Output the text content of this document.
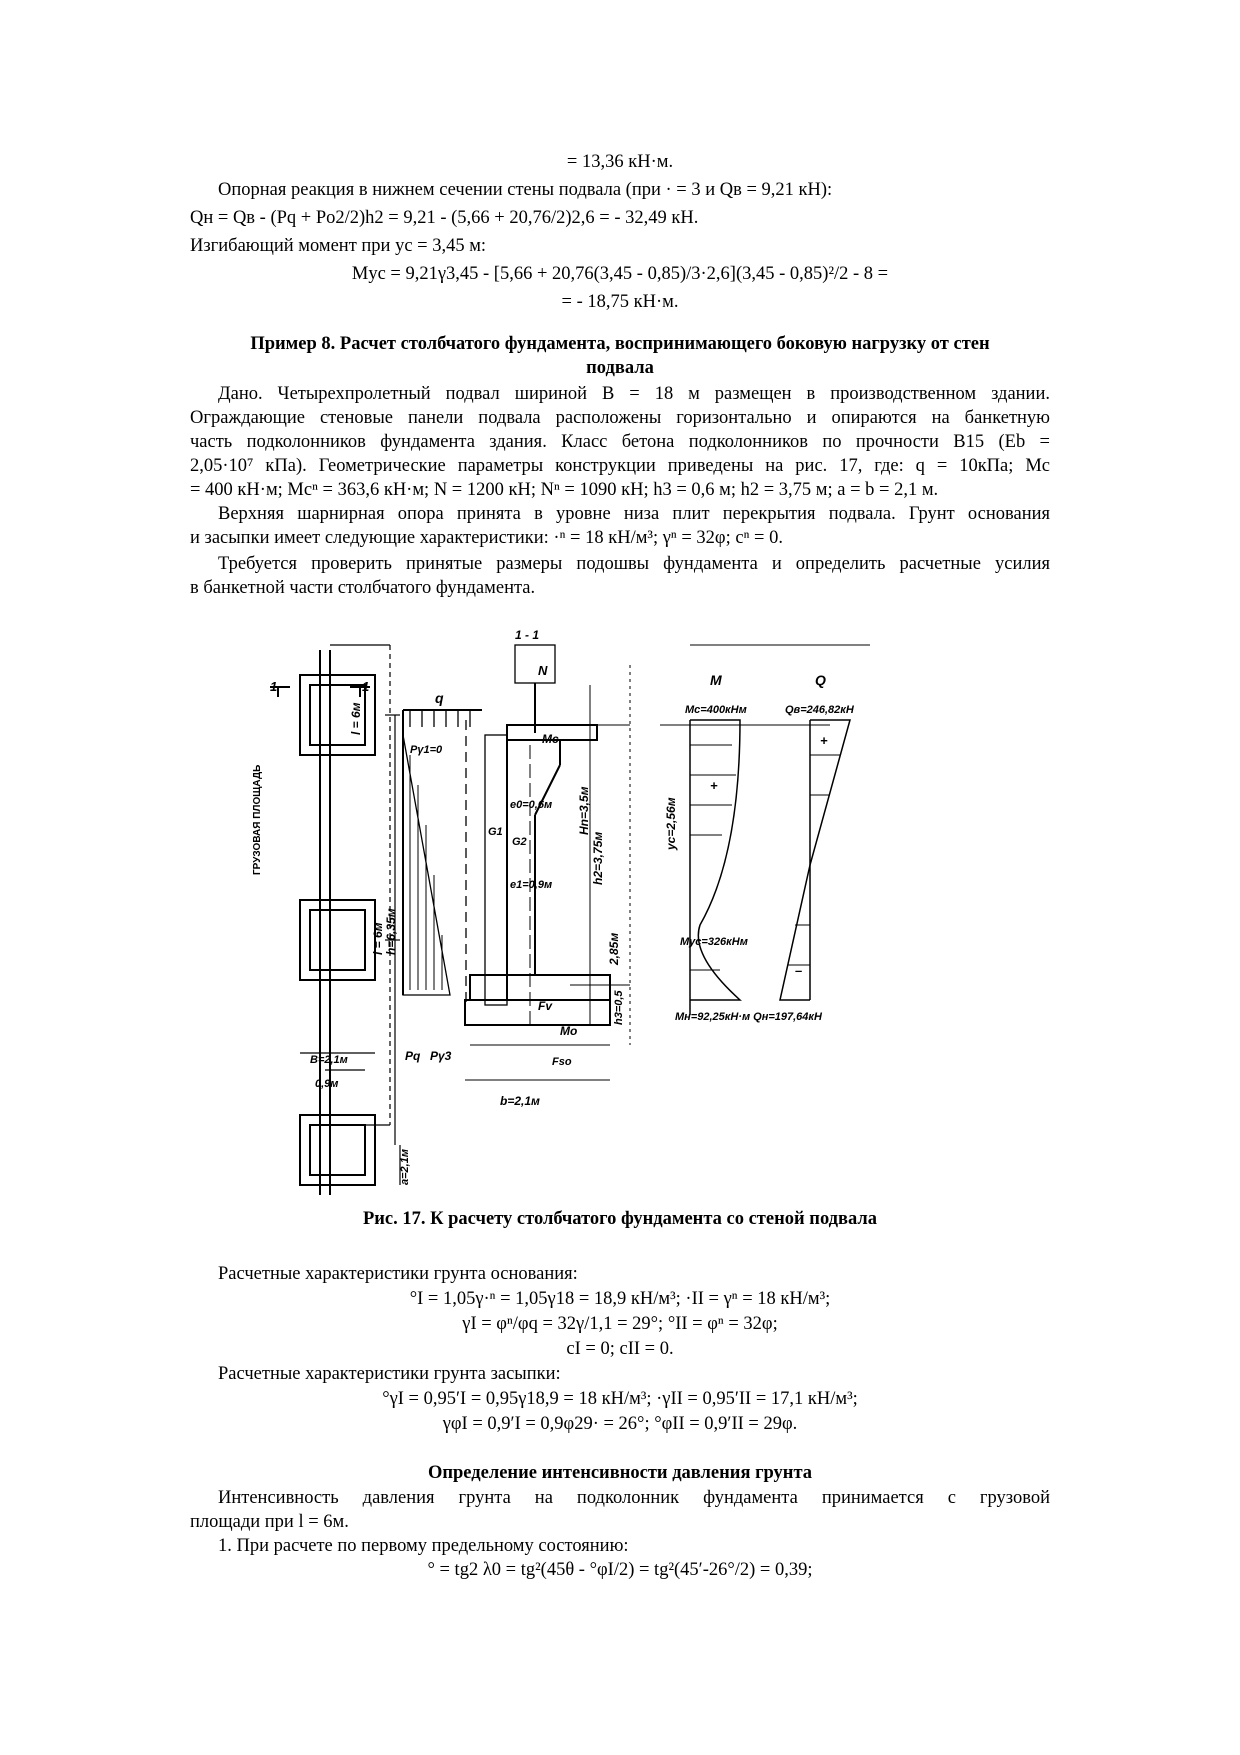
= 13,36 кН·м.
Опорная реакция в нижнем сечении стены подвала (при · = 3 и Qв = 9,21 кН):
Qн = Qв - (Pq + Pо2/2)h2 = 9,21 - (5,66 + 20,76/2)2,6 = - 32,49 кН.
Изгибающий момент при yc = 3,45 м:
Myc = 9,21γ3,45 - [5,66 + 20,76(3,45 - 0,85)/3·2,6](3,45 - 0,85)²/2 - 8 =
= - 18,75 кН·м.
Пример 8. Расчет столбчатого фундамента, воспринимающего боковую нагрузку от стен
подвала
Дано. Четырехпролетный подвал шириной B = 18 м размещен в производственном здании.
Ограждающие стеновые панели подвала расположены горизонтально и опираются на банкетную
часть подколонников фундамента здания. Класс бетона подколонников по прочности В15 (Eb =
2,05·10⁷ кПа). Геометрические параметры конструкции приведены на рис. 17, где: q = 10кПа; Mc
= 400 кН·м; Mcⁿ = 363,6 кН·м; N = 1200 кН; Nⁿ = 1090 кН; h3 = 0,6 м; h2 = 3,75 м; a = b = 2,1 м.
Верхняя шарнирная опора принята в уровне низа плит перекрытия подвала. Грунт основания
и засыпки имеет следующие характеристики: ·ⁿ = 18 кН/м³; γⁿ = 32φ; cⁿ = 0.
Требуется проверить принятые размеры подошвы фундамента и определить расчетные усилия
в банкетной части столбчатого фундамента.
1	1
l = 6м
l = 6м
ГРУЗОВАЯ ПЛОЩАДЬ
В=2,1м
0,9м
a=2,1м
1 - 1
q
N
Mc
Pγ1=0
h=6,35м
e0=0,6м
e1=0,9м
G1
G2
Hn=3,5м
h2=3,75м
2,85м
h3=0,5
yc=2,56м
Fv
Mo
Fso
b=2,1м
Pq Pγ3
M	Q
Mc=400кНм	Qв=246,82кН
+
+
–
Myc=326кНм
Mн=92,25кН·м Qн=197,64кН
Рис. 17. К расчету столбчатого фундамента со стеной подвала
Расчетные характеристики грунта основания:
°I = 1,05γ·ⁿ = 1,05γ18 = 18,9 кН/м³; ·II = γⁿ = 18 кН/м³;
γI = φⁿ/φq = 32γ/1,1 = 29°; °II = φⁿ = 32φ;
cI = 0; cII = 0.
Расчетные характеристики грунта засыпки:
°γI = 0,95′I = 0,95γ18,9 = 18 кН/м³; ·γII = 0,95′II = 17,1 кН/м³;
γφI = 0,9′I = 0,9φ29· = 26°; °φII = 0,9′II = 29φ.
Определение интенсивности давления грунта
Интенсивность давления грунта на подколонник фундамента принимается с грузовой
площади при l = 6м.
1. При расчете по первому предельному состоянию:
° = tg2 λ0 = tg²(45θ - °φI/2) = tg²(45′-26°/2) = 0,39;
